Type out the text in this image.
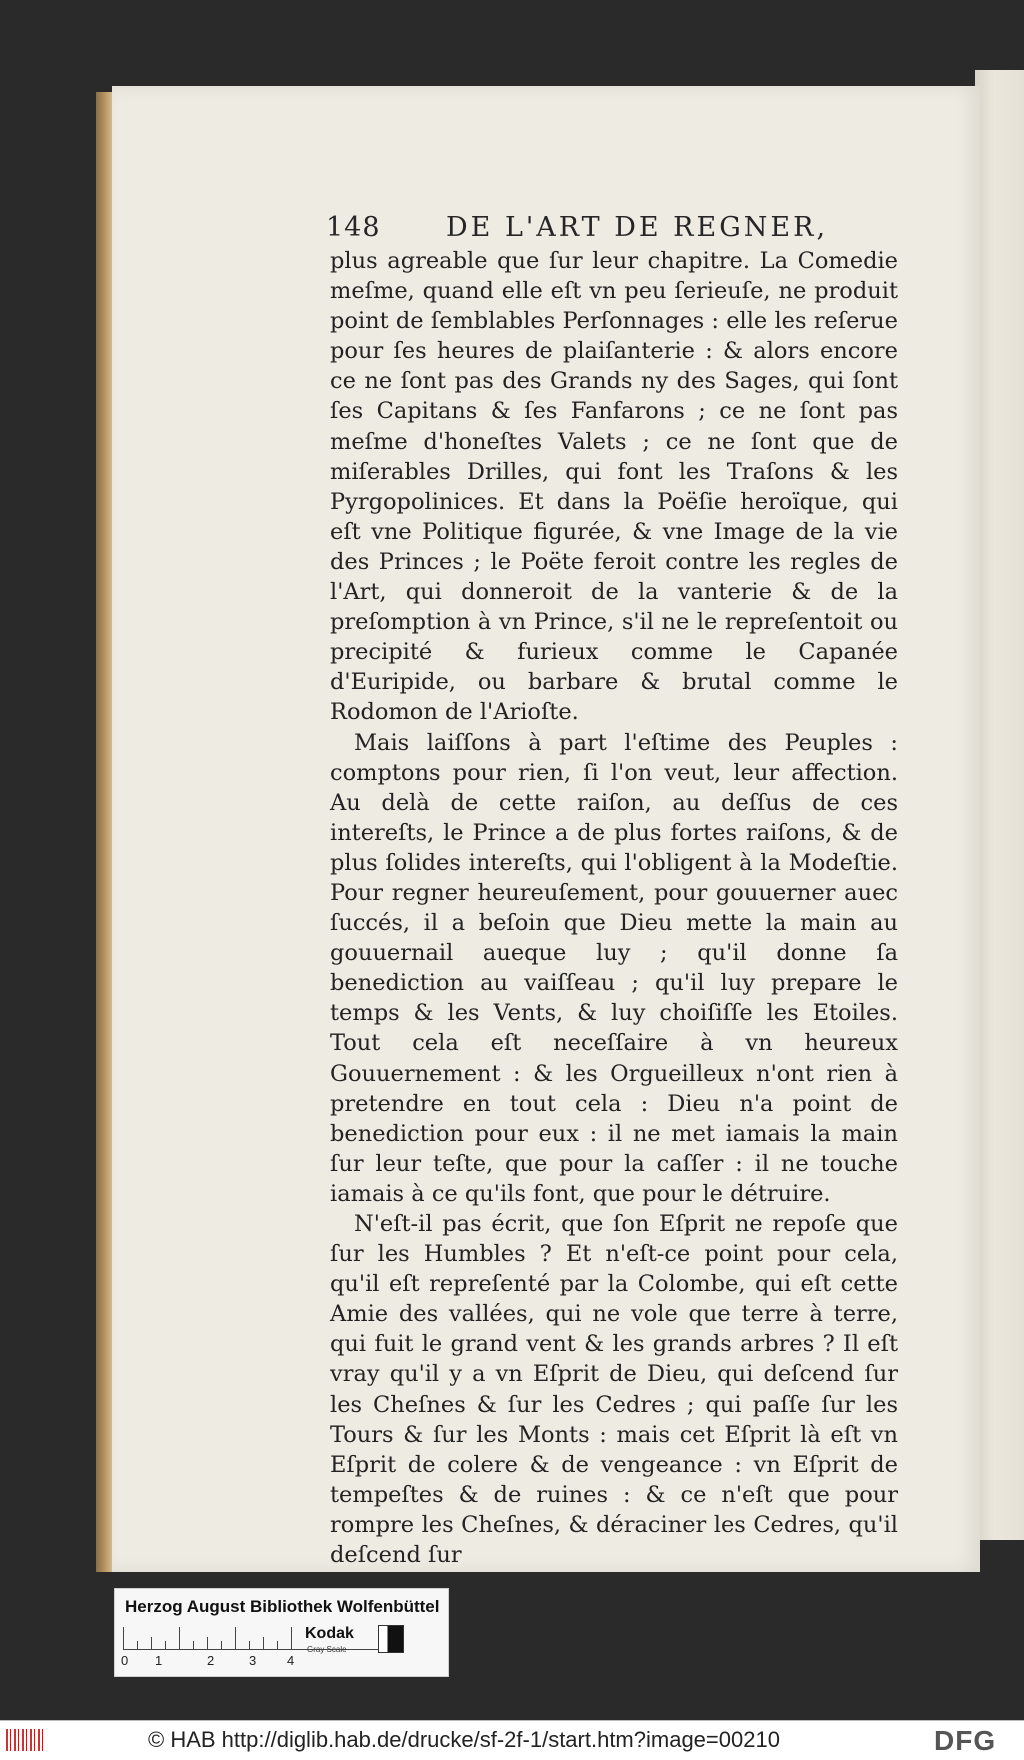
148 DE L'ART DE REGNER,

plus agreable que ſur leur chapitre. La Comedie meſme, quand elle eſt vn peu ſerieuſe, ne produit point de ſemblables Perſonnages : elle les reſerue pour ſes heures de plaiſanterie : & alors encore ce ne ſont pas des Grands ny des Sages, qui ſont ſes Capitans & ſes Fanfarons ; ce ne ſont pas meſme d'honeſtes Valets ; ce ne ſont que de miſerables Drilles, qui font les Traſons & les Pyrgopolinices. Et dans la Poëſie heroïque, qui eſt vne Politique figurée, & vne Image de la vie des Princes ; le Poëte feroit contre les regles de l'Art, qui donneroit de la vanterie & de la preſomption à vn Prince, s'il ne le repreſentoit ou precipité & furieux comme le Capanée d'Euripide, ou barbare & brutal comme le Rodomon de l'Arioſte.

Mais laiſſons à part l'eſtime des Peuples : comptons pour rien, ſi l'on veut, leur affection. Au delà de cette raiſon, au deſſus de ces intereſts, le Prince a de plus fortes raiſons, & de plus ſolides intereſts, qui l'obligent à la Modeſtie. Pour regner heureuſement, pour gouuerner auec ſuccés, il a beſoin que Dieu mette la main au gouuernail aueque luy ; qu'il donne ſa benediction au vaiſſeau ; qu'il luy prepare le temps & les Vents, & luy choiſiſſe les Etoiles. Tout cela eſt neceſſaire à vn heureux Gouuernement : & les Orgueilleux n'ont rien à pretendre en tout cela : Dieu n'a point de benediction pour eux : il ne met iamais la main ſur leur teſte, que pour la caſſer : il ne touche iamais à ce qu'ils font, que pour le détruire.

N'eſt-il pas écrit, que ſon Eſprit ne repoſe que ſur les Humbles ? Et n'eſt-ce point pour cela, qu'il eſt repreſenté par la Colombe, qui eſt cette Amie des vallées, qui ne vole que terre à terre, qui fuit le grand vent & les grands arbres ? Il eſt vray qu'il y a vn Eſprit de Dieu, qui deſcend ſur les Cheſnes & ſur les Cedres ; qui paſſe ſur les Tours & ſur les Monts : mais cet Eſprit là eſt vn Eſprit de colere & de vengeance : vn Eſprit de tempeſtes & de ruines : & ce n'eſt que pour rompre les Cheſnes, & déraciner les Cedres, qu'il deſcend ſur

Herzog August Bibliothek Wolfenbüttel
0 1	2	3 4
Kodak
Gray Scale
© HAB http://diglib.hab.de/drucke/sf-2f-1/start.htm?image=00210	DFG
